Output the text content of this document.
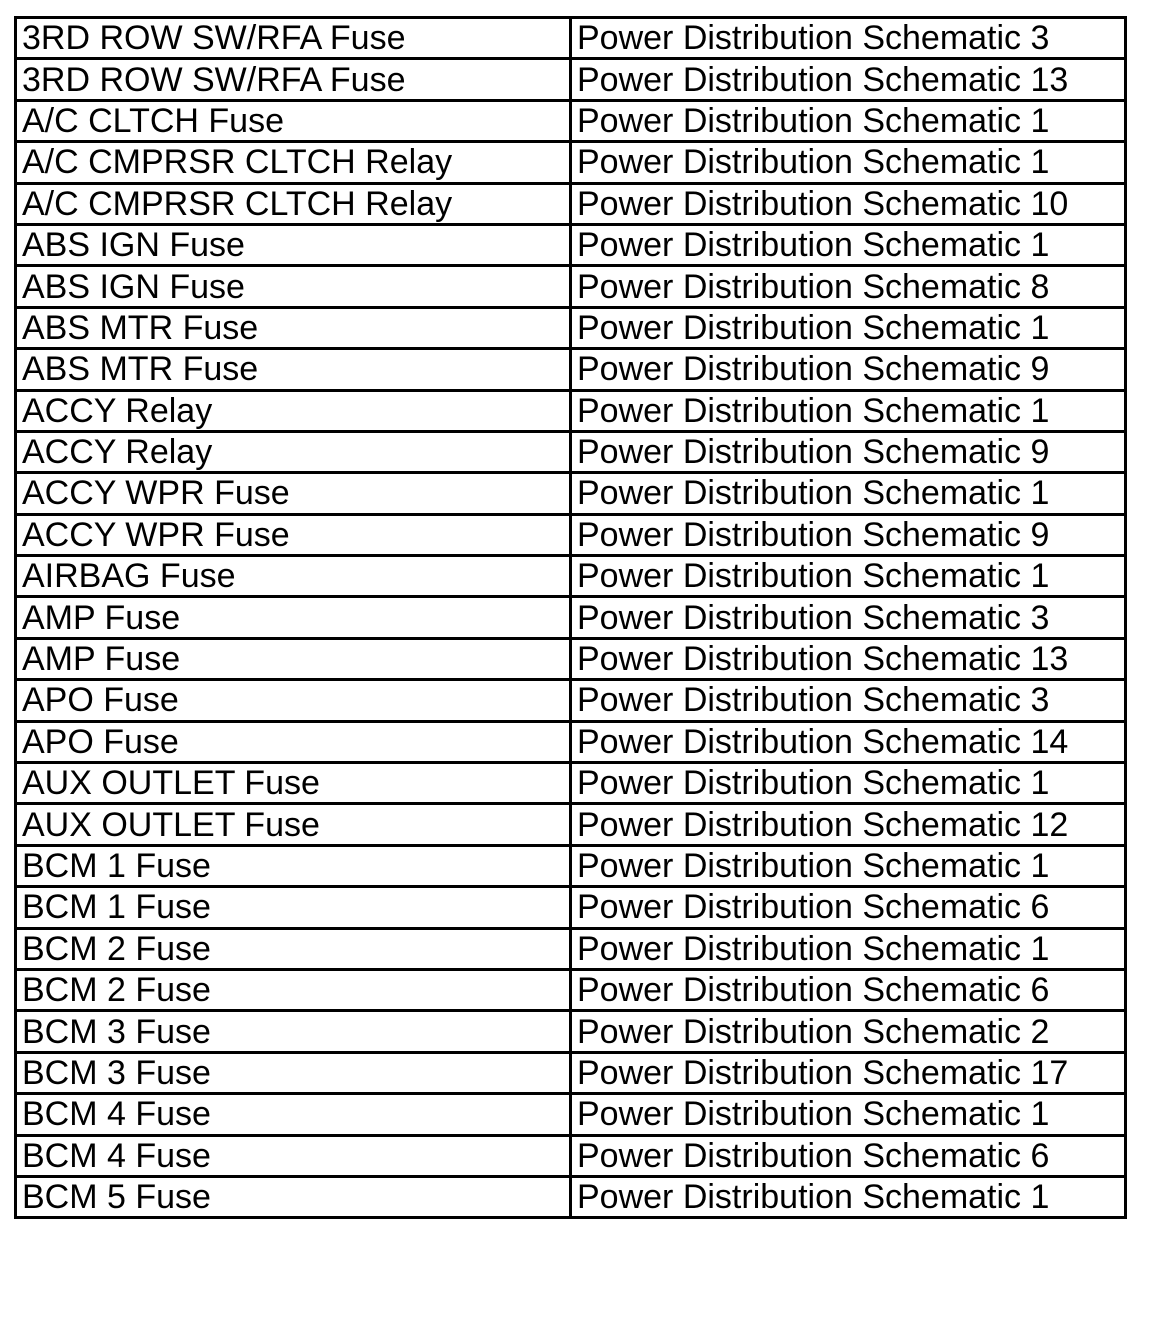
3RD ROW SW/RFA Fuse	Power Distribution Schematic 3
3RD ROW SW/RFA Fuse	Power Distribution Schematic 13
A/C CLTCH Fuse	Power Distribution Schematic 1
A/C CMPRSR CLTCH Relay	Power Distribution Schematic 1
A/C CMPRSR CLTCH Relay	Power Distribution Schematic 10
ABS IGN Fuse	Power Distribution Schematic 1
ABS IGN Fuse	Power Distribution Schematic 8
ABS MTR Fuse	Power Distribution Schematic 1
ABS MTR Fuse	Power Distribution Schematic 9
ACCY Relay	Power Distribution Schematic 1
ACCY Relay	Power Distribution Schematic 9
ACCY WPR Fuse	Power Distribution Schematic 1
ACCY WPR Fuse	Power Distribution Schematic 9
AIRBAG Fuse	Power Distribution Schematic 1
AMP Fuse	Power Distribution Schematic 3
AMP Fuse	Power Distribution Schematic 13
APO Fuse	Power Distribution Schematic 3
APO Fuse	Power Distribution Schematic 14
AUX OUTLET Fuse	Power Distribution Schematic 1
AUX OUTLET Fuse	Power Distribution Schematic 12
BCM 1 Fuse	Power Distribution Schematic 1
BCM 1 Fuse	Power Distribution Schematic 6
BCM 2 Fuse	Power Distribution Schematic 1
BCM 2 Fuse	Power Distribution Schematic 6
BCM 3 Fuse	Power Distribution Schematic 2
BCM 3 Fuse	Power Distribution Schematic 17
BCM 4 Fuse	Power Distribution Schematic 1
BCM 4 Fuse	Power Distribution Schematic 6
BCM 5 Fuse	Power Distribution Schematic 1
